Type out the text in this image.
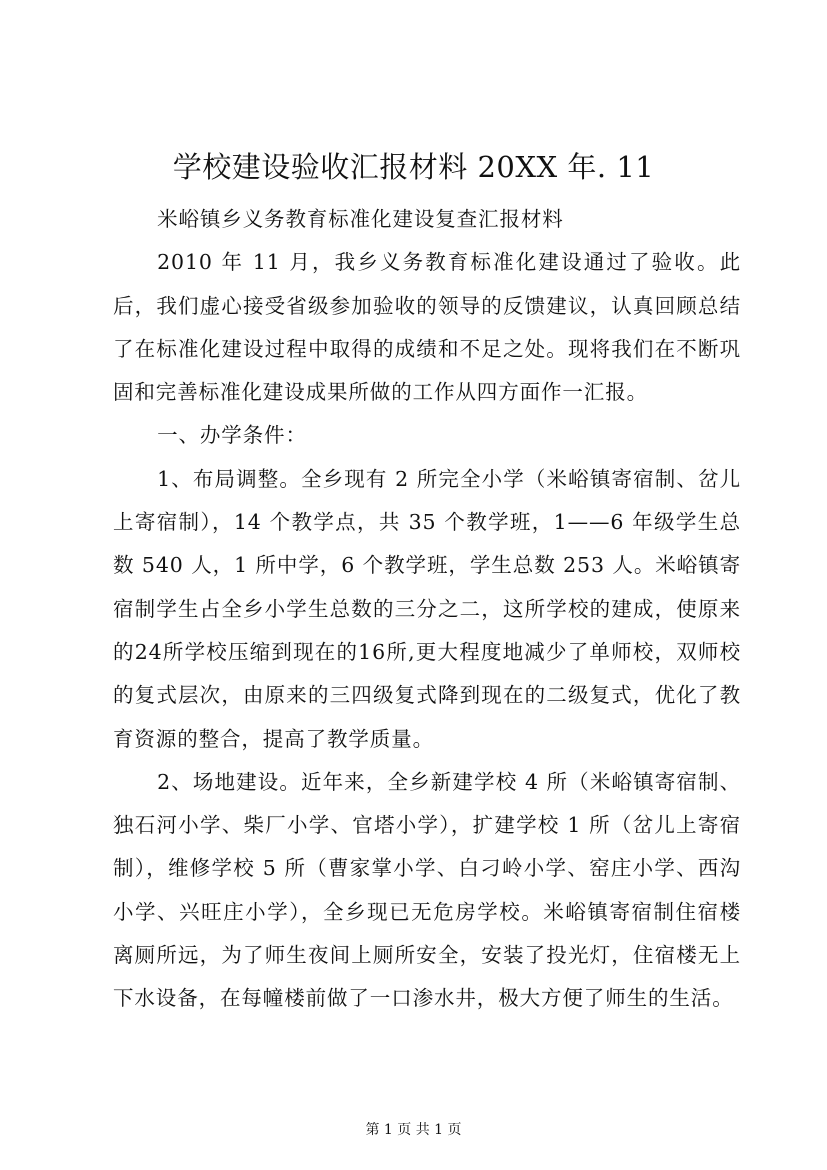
学校建设验收汇报材料 20XX 年. 11

米峪镇乡义务教育标准化建设复查汇报材料

2010 年 11 月，我乡义务教育标准化建设通过了验收。此后，我们虚心接受省级参加验收的领导的反馈建议，认真回顾总结了在标准化建设过程中取得的成绩和不足之处。现将我们在不断巩固和完善标准化建设成果所做的工作从四方面作一汇报。

一、办学条件：

1、布局调整。全乡现有 2 所完全小学（米峪镇寄宿制、岔儿上寄宿制），14 个教学点，共 35 个教学班，1——6 年级学生总数 540 人，1 所中学，6 个教学班，学生总数 253 人。米峪镇寄宿制学生占全乡小学生总数的三分之二，这所学校的建成，使原来的24所学校压缩到现在的16所,更大程度地减少了单师校，双师校的复式层次，由原来的三四级复式降到现在的二级复式，优化了教育资源的整合，提高了教学质量。

2、场地建设。近年来，全乡新建学校 4 所（米峪镇寄宿制、独石河小学、柴厂小学、官塔小学），扩建学校 1 所（岔儿上寄宿制），维修学校 5 所（曹家掌小学、白刁岭小学、窑庄小学、西沟小学、兴旺庄小学），全乡现已无危房学校。米峪镇寄宿制住宿楼离厕所远，为了师生夜间上厕所安全，安装了投光灯，住宿楼无上下水设备，在每幢楼前做了一口渗水井，极大方便了师生的生活。

第 1 页 共 1 页
